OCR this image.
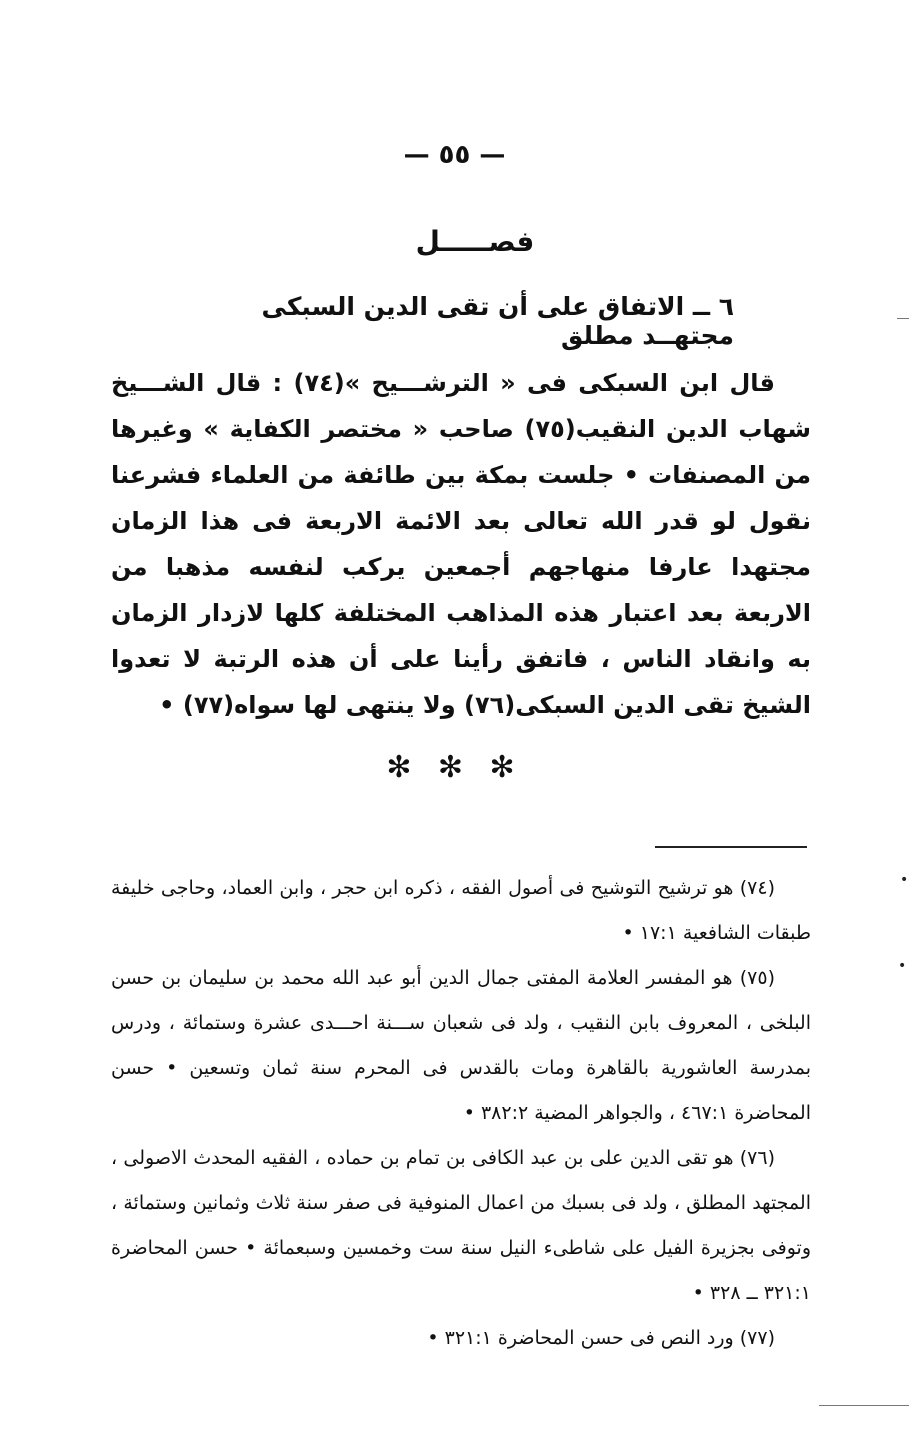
— ٥٥ —
فصـــــل
٦ ــ الاتفاق على أن تقى الدين السبكى مجتهــد مطلق

قال ابن السبكى فى « الترشـــيح »(٧٤) : قال الشـــيخ شهاب الدين النقيب(٧٥) صاحب « مختصر الكفاية » وغيرها من المصنفات • جلست بمكة بين طائفة من العلماء فشرعنا نقول لو قدر الله تعالى بعد الائمة الاربعة فى هذا الزمان مجتهدا عارفا منهاجهم أجمعين يركب لنفسه مذهبا من الاربعة بعد اعتبار هذه المذاهب المختلفة كلها لازدار الزمان به وانقاد الناس ، فاتفق رأينا على أن هذه الرتبة لا تعدوا الشيخ تقى الدين السبكى(٧٦) ولا ينتهى لها سواه(٧٧) •

✻ ✻ ✻

(٧٤) هو ترشيح التوشيح فى أصول الفقه ، ذكره ابن حجر ، وابن العماد، وحاجى خليفة طبقات الشافعية ١٧:١ •

(٧٥) هو المفسر العلامة المفتى جمال الدين أبو عبد الله محمد بن سليمان بن حسن البلخى ، المعروف بابن النقيب ، ولد فى شعبان ســـنة احـــدى عشرة وستمائة ، ودرس بمدرسة العاشورية بالقاهرة ومات بالقدس فى المحرم سنة ثمان وتسعين • حسن المحاضرة ٤٦٧:١ ، والجواهر المضية ٣٨٢:٢ •

(٧٦) هو تقى الدين على بن عبد الكافى بن تمام بن حماده ، الفقيه المحدث الاصولى ، المجتهد المطلق ، ولد فى بسبك من اعمال المنوفية فى صفر سنة ثلاث وثمانين وستمائة ، وتوفى بجزيرة الفيل على شاطىء النيل سنة ست وخمسين وسبعمائة • حسن المحاضرة ٣٢١:١ ــ ٣٢٨ •

(٧٧) ورد النص فى حسن المحاضرة ٣٢١:١ •

•
•
